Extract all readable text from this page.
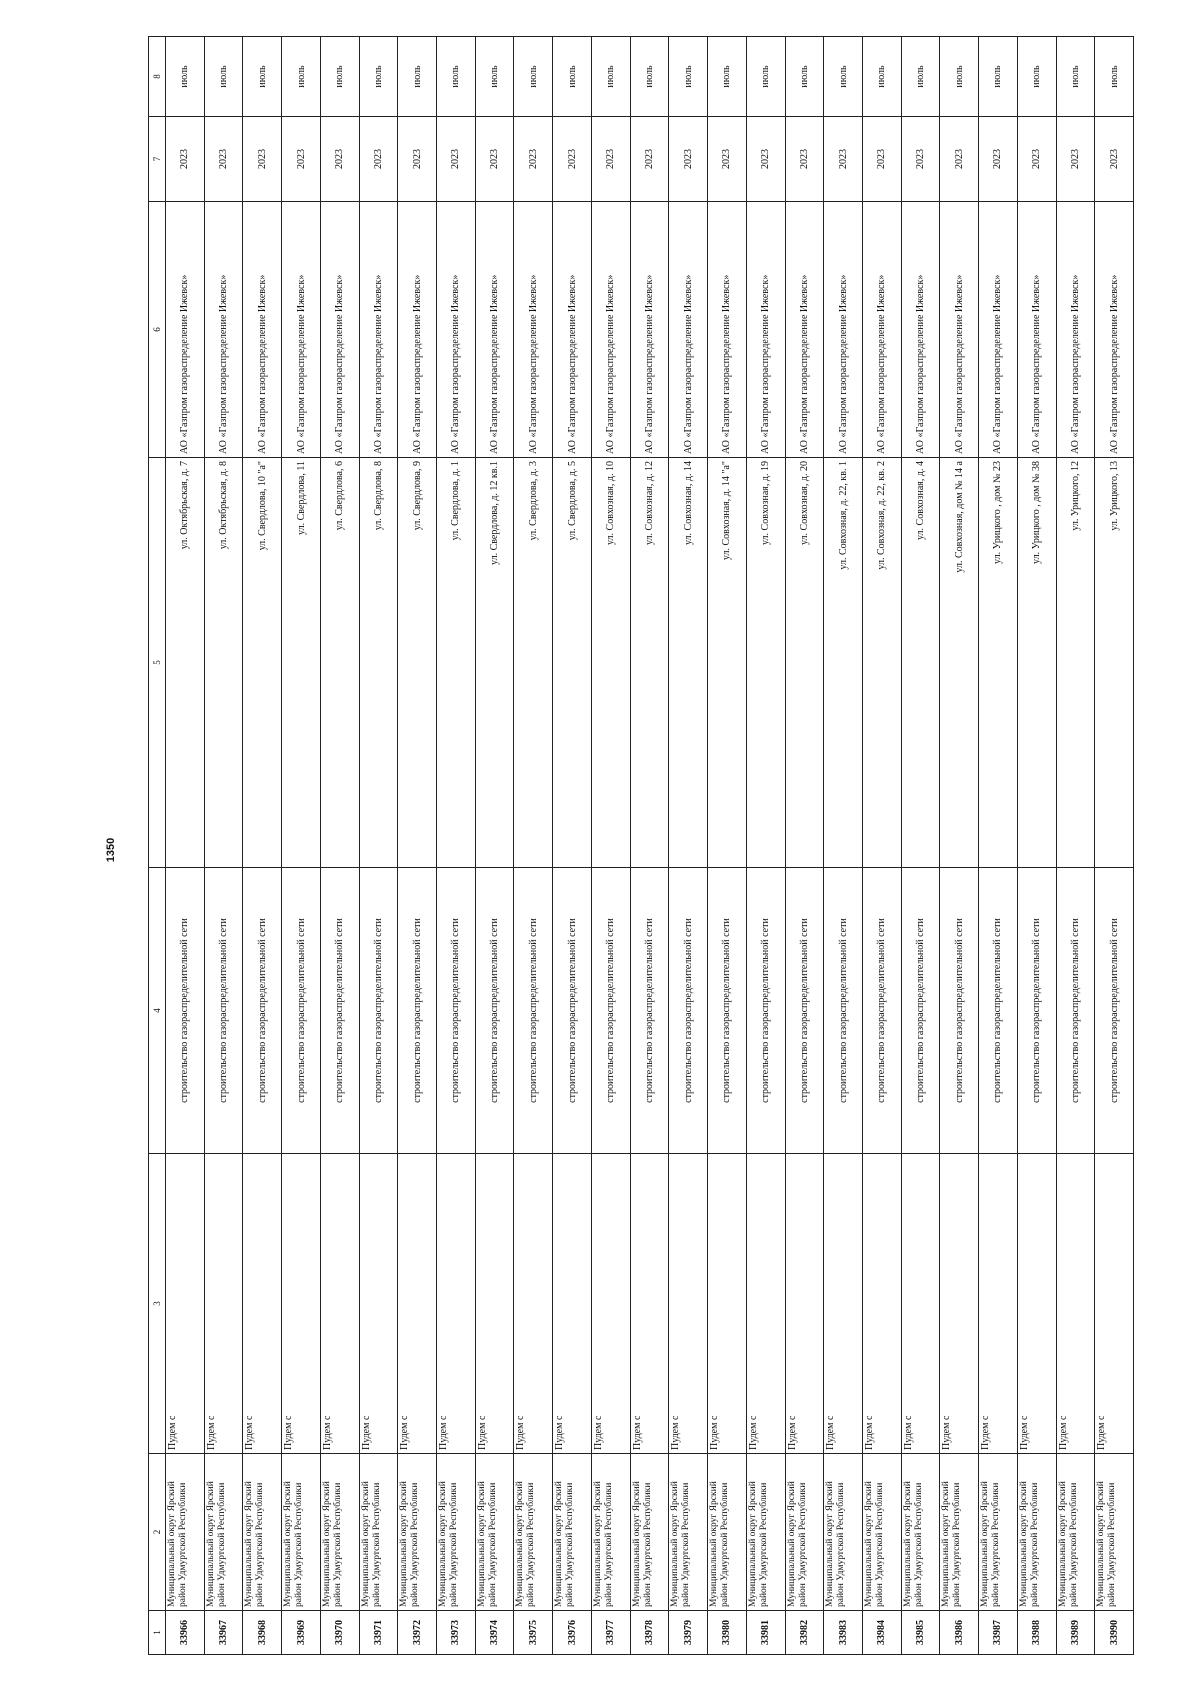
1350
1	2	3	4	5	6	7	8
33966	Муниципальный округ Ярский район Удмуртской Республики	Пудем с	строительство газораспределительной сети	ул. Октябрьская, д. 7	АО «Газпром газораспределение Ижевск»	2023	июль
33967	Муниципальный округ Ярский район Удмуртской Республики	Пудем с	строительство газораспределительной сети	ул. Октябрьская, д. 8	АО «Газпром газораспределение Ижевск»	2023	июль
33968	Муниципальный округ Ярский район Удмуртской Республики	Пудем с	строительство газораспределительной сети	ул. Свердлова, 10 "а"	АО «Газпром газораспределение Ижевск»	2023	июль
33969	Муниципальный округ Ярский район Удмуртской Республики	Пудем с	строительство газораспределительной сети	ул. Свердлова, 11	АО «Газпром газораспределение Ижевск»	2023	июль
33970	Муниципальный округ Ярский район Удмуртской Республики	Пудем с	строительство газораспределительной сети	ул. Свердлова, 6	АО «Газпром газораспределение Ижевск»	2023	июль
33971	Муниципальный округ Ярский район Удмуртской Республики	Пудем с	строительство газораспределительной сети	ул. Свердлова, 8	АО «Газпром газораспределение Ижевск»	2023	июль
33972	Муниципальный округ Ярский район Удмуртской Республики	Пудем с	строительство газораспределительной сети	ул. Свердлова, 9	АО «Газпром газораспределение Ижевск»	2023	июль
33973	Муниципальный округ Ярский район Удмуртской Республики	Пудем с	строительство газораспределительной сети	ул. Свердлова, д. 1	АО «Газпром газораспределение Ижевск»	2023	июль
33974	Муниципальный округ Ярский район Удмуртской Республики	Пудем с	строительство газораспределительной сети	ул. Свердлова, д. 12 кв.1	АО «Газпром газораспределение Ижевск»	2023	июль
33975	Муниципальный округ Ярский район Удмуртской Республики	Пудем с	строительство газораспределительной сети	ул. Свердлова, д. 3	АО «Газпром газораспределение Ижевск»	2023	июль
33976	Муниципальный округ Ярский район Удмуртской Республики	Пудем с	строительство газораспределительной сети	ул. Свердлова, д. 5	АО «Газпром газораспределение Ижевск»	2023	июль
33977	Муниципальный округ Ярский район Удмуртской Республики	Пудем с	строительство газораспределительной сети	ул. Совхозная, д. 10	АО «Газпром газораспределение Ижевск»	2023	июль
33978	Муниципальный округ Ярский район Удмуртской Республики	Пудем с	строительство газораспределительной сети	ул. Совхозная, д. 12	АО «Газпром газораспределение Ижевск»	2023	июль
33979	Муниципальный округ Ярский район Удмуртской Республики	Пудем с	строительство газораспределительной сети	ул. Совхозная, д. 14	АО «Газпром газораспределение Ижевск»	2023	июль
33980	Муниципальный округ Ярский район Удмуртской Республики	Пудем с	строительство газораспределительной сети	ул. Совхозная, д. 14 "а"	АО «Газпром газораспределение Ижевск»	2023	июль
33981	Муниципальный округ Ярский район Удмуртской Республики	Пудем с	строительство газораспределительной сети	ул. Совхозная, д. 19	АО «Газпром газораспределение Ижевск»	2023	июль
33982	Муниципальный округ Ярский район Удмуртской Республики	Пудем с	строительство газораспределительной сети	ул. Совхозная, д. 20	АО «Газпром газораспределение Ижевск»	2023	июль
33983	Муниципальный округ Ярский район Удмуртской Республики	Пудем с	строительство газораспределительной сети	ул. Совхозная, д. 22, кв. 1	АО «Газпром газораспределение Ижевск»	2023	июль
33984	Муниципальный округ Ярский район Удмуртской Республики	Пудем с	строительство газораспределительной сети	ул. Совхозная, д. 22, кв. 2	АО «Газпром газораспределение Ижевск»	2023	июль
33985	Муниципальный округ Ярский район Удмуртской Республики	Пудем с	строительство газораспределительной сети	ул. Совхозная, д. 4	АО «Газпром газораспределение Ижевск»	2023	июль
33986	Муниципальный округ Ярский район Удмуртской Республики	Пудем с	строительство газораспределительной сети	ул. Совхозная, дом № 14 а	АО «Газпром газораспределение Ижевск»	2023	июль
33987	Муниципальный округ Ярский район Удмуртской Республики	Пудем с	строительство газораспределительной сети	ул. Урицкого , дом № 23	АО «Газпром газораспределение Ижевск»	2023	июль
33988	Муниципальный округ Ярский район Удмуртской Республики	Пудем с	строительство газораспределительной сети	ул. Урицкого , дом № 38	АО «Газпром газораспределение Ижевск»	2023	июль
33989	Муниципальный округ Ярский район Удмуртской Республики	Пудем с	строительство газораспределительной сети	ул. Урицкого, 12	АО «Газпром газораспределение Ижевск»	2023	июль
33990	Муниципальный округ Ярский район Удмуртской Республики	Пудем с	строительство газораспределительной сети	ул. Урицкого, 13	АО «Газпром газораспределение Ижевск»	2023	июль
